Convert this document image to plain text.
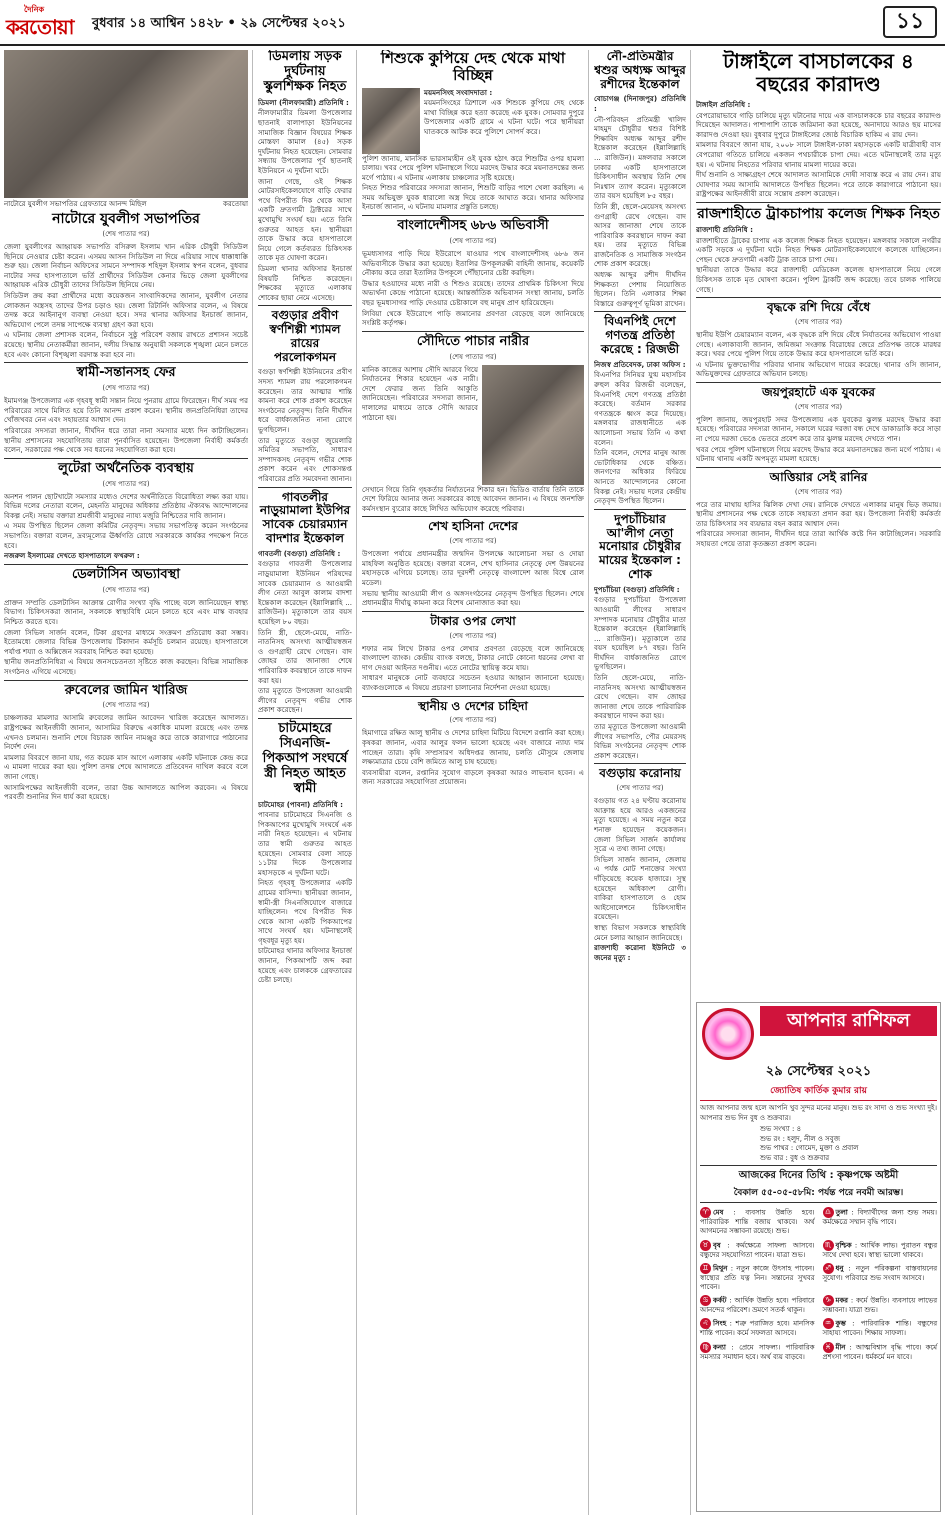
দৈনিক
করতোয়া বুধবার ১৪ আশ্বিন ১৪২৮ • ২৯ সেপ্টেম্বর ২০২১	১১
নাটোরে যুবলীগ সভাপতির গ্রেফতারে আনন্দ মিছিল	করতোয়া
নাটোরে যুবলীগ সভাপতির
(শেষ পাতার পর)

জেলা যুবলীগের আহ্বায়ক সভাপতি বসিরুল ইসলাম খান এরিক চৌধুরী সিডিউল ছিনিয়ে নেওয়ার চেষ্টা করেন। এসময় আসন সিডিউল না দিয়ে এরিয়ার সাথে ধাক্কাধাক্কি শুরু হয়। জেলা নির্বাচন অফিসের সামনে সম্পাদক শহিদুল ইসলাম স্বপন বলেন, বুধবার নাটোর সদর হাসপাতালে ভর্তি প্রার্থীদের সিডিউল কেনার ভিড়ে জেলা যুবলীগের আহ্বায়ক এরিক চৌধুরী তাদের সিডিউল ছিনিয়ে নেয়।

সিডিউল ক্রয় করা প্রার্থীদের মধ্যে কয়েকজন সাংবাদিকদের জানান, যুবলীগ নেতার লোকজন অস্ত্রসহ তাদের উপর চড়াও হয়। জেলা রিটার্নিং অফিসার বলেন, এ বিষয়ে তদন্ত করে আইনানুগ ব্যবস্থা নেওয়া হবে। সদর থানার অফিসার ইনচার্জ জানান, অভিযোগ পেলে তদন্ত সাপেক্ষে ব্যবস্থা গ্রহণ করা হবে।

এ ঘটনায় জেলা প্রশাসক বলেন, নির্বাচনে সুষ্ঠু পরিবেশ বজায় রাখতে প্রশাসন সচেষ্ট রয়েছে। স্থানীয় নেতাকর্মীরা জানান, দলীয় সিদ্ধান্ত অনুযায়ী সকলকে শৃঙ্খলা মেনে চলতে হবে এবং কোনো বিশৃঙ্খলা বরদাস্ত করা হবে না।

স্বামী-সন্তানসহ ফের
(শেষ পাতার পর)

ইমামগঞ্জ উপজেলার এক গৃহবধূ স্বামী সন্তান নিয়ে পুনরায় গ্রামে ফিরেছেন। দীর্ঘ সময় পর পরিবারের সাথে মিলিত হয়ে তিনি আনন্দ প্রকাশ করেন। স্থানীয় জনপ্রতিনিধিরা তাদের খোঁজখবর নেন এবং সহায়তার আশ্বাস দেন।

পরিবারের সদস্যরা জানান, দীর্ঘদিন ধরে তারা নানা সমস্যার মধ্যে দিন কাটাচ্ছিলেন। স্থানীয় প্রশাসনের সহযোগিতায় তারা পুনর্বাসিত হয়েছেন। উপজেলা নির্বাহী কর্মকর্তা বলেন, সরকারের পক্ষ থেকে সব ধরনের সহযোগিতা করা হবে।

লুটেরা অর্থনৈতিক ব্যবস্থায়
(শেষ পাতার পর)

অনশন পালন ছোটখাটো সমস্যার মধ্যেও দেশের অর্থনীতিতে বিরোধিতা লক্ষ্য করা যায়। বিভিন্ন দলের নেতারা বলেন, মেহনতি মানুষের অধিকার প্রতিষ্ঠায় ঐক্যবদ্ধ আন্দোলনের বিকল্প নেই। সভায় বক্তারা শ্রমজীবী মানুষের ন্যায্য মজুরি নিশ্চিতের দাবি জানান।

এ সময় উপস্থিত ছিলেন জেলা কমিটির নেতৃবৃন্দ। সভায় সভাপতিত্ব করেন সংগঠনের সভাপতি। বক্তারা বলেন, দ্রব্যমূল্যের ঊর্ধ্বগতি রোধে সরকারকে কার্যকর পদক্ষেপ নিতে হবে।

নজরুল ইসলামের দেখতে হাসপাতালে ফখরুল :

ডেলটাসিন অভ্যাবস্থা
(শেষ পাতার পর)

প্রাক্তন সম্প্রতি ডেলটাসিন আক্রান্ত রোগীর সংখ্যা বৃদ্ধি পাচ্ছে বলে জানিয়েছেন স্বাস্থ্য বিভাগ। চিকিৎসকরা জানান, সকলকে স্বাস্থ্যবিধি মেনে চলতে হবে এবং মাস্ক ব্যবহার নিশ্চিত করতে হবে।

জেলা সিভিল সার্জন বলেন, টিকা গ্রহণের মাধ্যমে সংক্রমণ প্রতিরোধ করা সম্ভব। ইতোমধ্যে জেলার বিভিন্ন উপজেলায় টিকাদান কর্মসূচি চলমান রয়েছে। হাসপাতালে পর্যাপ্ত শয্যা ও অক্সিজেন সরবরাহ নিশ্চিত করা হয়েছে।

স্থানীয় জনপ্রতিনিধিরা এ বিষয়ে জনসচেতনতা সৃষ্টিতে কাজ করছেন। বিভিন্ন সামাজিক সংগঠনও এগিয়ে এসেছে।

রুবেলের জামিন খারিজ
(শেষ পাতার পর)

চাঞ্চল্যকর মামলার আসামি রুবেলের জামিন আবেদন খারিজ করেছেন আদালত। রাষ্ট্রপক্ষের আইনজীবী জানান, আসামির বিরুদ্ধে একাধিক মামলা রয়েছে এবং তদন্ত এখনও চলমান। শুনানি শেষে বিচারক জামিন নামঞ্জুর করে তাকে কারাগারে পাঠানোর নির্দেশ দেন।

মামলার বিবরণে জানা যায়, গত কয়েক মাস আগে এলাকায় একটি ঘটনাকে কেন্দ্র করে এ মামলা দায়ের করা হয়। পুলিশ তদন্ত শেষে আদালতে প্রতিবেদন দাখিল করবে বলে জানা গেছে।

আসামিপক্ষের আইনজীবী বলেন, তারা উচ্চ আদালতে আপিল করবেন। এ বিষয়ে পরবর্তী শুনানির দিন ধার্য করা হয়েছে।

ডিমলায় সড়ক দুর্ঘটনায় স্কুলশিক্ষক নিহত

ডিমলা (নীলফামারী) প্রতিনিধি :

নীলফামারীর ডিমলা উপজেলার ছাতনাই বালাপাড়া ইউনিয়নের সামাজিক বিজ্ঞান বিষয়ের শিক্ষক মোস্তফা কামাল (৪৫) সড়ক দুর্ঘটনায় নিহত হয়েছেন। সোমবার সন্ধ্যায় উপজেলার পূর্ব ছাতনাই ইউনিয়নে এ দুর্ঘটনা ঘটে।

জানা গেছে, ওই শিক্ষক মোটরসাইকেলযোগে বাড়ি ফেরার পথে বিপরীত দিক থেকে আসা একটি দ্রুতগামী ট্রাক্টরের সাথে মুখোমুখি সংঘর্ষ হয়। এতে তিনি গুরুতর আহত হন। স্থানীয়রা তাকে উদ্ধার করে হাসপাতালে নিয়ে গেলে কর্তব্যরত চিকিৎসক তাকে মৃত ঘোষণা করেন।

ডিমলা থানার অফিসার ইনচার্জ বিষয়টি নিশ্চিত করেছেন। শিক্ষকের মৃত্যুতে এলাকায় শোকের ছায়া নেমে এসেছে।

বগুড়ার প্রবীণ স্বর্ণশিল্পী শ্যামল রায়ের পরলোকগমন

বগুড়া স্বর্ণশিল্পী ইউনিয়নের প্রবীণ সদস্য শ্যামল রায় পরলোকগমন করেছেন। তার আত্মার শান্তি কামনা করে শোক প্রকাশ করেছেন সংগঠনের নেতৃবৃন্দ। তিনি দীর্ঘদিন ধরে বার্ধক্যজনিত নানা রোগে ভুগছিলেন।

তার মৃত্যুতে বগুড়া জুয়েলারি সমিতির সভাপতি, সাধারণ সম্পাদকসহ নেতৃবৃন্দ গভীর শোক প্রকাশ করেন এবং শোকসন্তপ্ত পরিবারের প্রতি সমবেদনা জানান।

গাবতলীর নাড়ুয়ামালা ইউপির সাবেক চেয়ারম্যান বাদশার ইন্তেকাল

গাবতলী (বগুড়া) প্রতিনিধি :

বগুড়ার গাবতলী উপজেলার নাড়ুয়ামালা ইউনিয়ন পরিষদের সাবেক চেয়ারম্যান ও আওয়ামী লীগ নেতা আবুল কালাম বাদশা ইন্তেকাল করেছেন (ইন্নালিল্লাহি ... রাজিউন)। মৃত্যুকালে তার বয়স হয়েছিল ৮০ বছর।

তিনি স্ত্রী, ছেলে-মেয়ে, নাতি-নাতনিসহ অসংখ্য আত্মীয়স্বজন ও গুণগ্রাহী রেখে গেছেন। বাদ জোহর তার জানাজা শেষে পারিবারিক কবরস্থানে তাকে দাফন করা হয়।

তার মৃত্যুতে উপজেলা আওয়ামী লীগের নেতৃবৃন্দ গভীর শোক প্রকাশ করেছেন।

চাটমোহরে সিএনজি-পিকআপ সংঘর্ষে স্ত্রী নিহত আহত স্বামী

চাটমোহর (পাবনা) প্রতিনিধি :

পাবনার চাটমোহরে সিএনজি ও পিকআপের মুখোমুখি সংঘর্ষে এক নারী নিহত হয়েছেন। এ ঘটনায় তার স্বামী গুরুতর আহত হয়েছেন। সোমবার বেলা সাড়ে ১১টার দিকে উপজেলার মহাসড়কে এ দুর্ঘটনা ঘটে।

নিহত গৃহবধূ উপজেলার একটি গ্রামের বাসিন্দা। স্থানীয়রা জানান, স্বামী-স্ত্রী সিএনজিযোগে বাজারে যাচ্ছিলেন। পথে বিপরীত দিক থেকে আসা একটি পিকআপের সাথে সংঘর্ষ হয়। ঘটনাস্থলেই গৃহবধূর মৃত্যু হয়।

চাটমোহর থানার অফিসার ইনচার্জ জানান, পিকআপটি জব্দ করা হয়েছে এবং চালককে গ্রেফতারের চেষ্টা চলছে।

শিশুকে কুপিয়ে দেহ থেকে মাথা বিচ্ছিন্ন

ময়মনসিংহ সংবাদদাতা :

ময়মনসিংহের ত্রিশালে এক শিশুকে কুপিয়ে দেহ থেকে মাথা বিচ্ছিন্ন করে হত্যা করেছে এক যুবক। সোমবার দুপুরে উপজেলার একটি গ্রামে এ ঘটনা ঘটে। পরে স্থানীয়রা ঘাতককে আটক করে পুলিশে সোপর্দ করে।

পুলিশ জানায়, মানসিক ভারসাম্যহীন ওই যুবক হঠাৎ করে শিশুটির ওপর হামলা চালায়। খবর পেয়ে পুলিশ ঘটনাস্থলে গিয়ে মরদেহ উদ্ধার করে ময়নাতদন্তের জন্য মর্গে পাঠায়। এ ঘটনায় এলাকায় চাঞ্চল্যের সৃষ্টি হয়েছে।

নিহত শিশুর পরিবারের সদস্যরা জানান, শিশুটি বাড়ির পাশে খেলা করছিল। এ সময় অভিযুক্ত যুবক ধারালো অস্ত্র দিয়ে তাকে আঘাত করে। থানার অফিসার ইনচার্জ জানান, এ ঘটনায় মামলার প্রস্তুতি চলছে।

বাংলাদেশীসহ ৬৮৬ অভিবাসী
(শেষ পাতার পর)

ভূমধ্যসাগর পাড়ি দিয়ে ইউরোপে যাওয়ার পথে বাংলাদেশীসহ ৬৮৬ জন অভিবাসীকে উদ্ধার করা হয়েছে। ইতালির উপকূলরক্ষী বাহিনী জানায়, কয়েকটি নৌকায় করে তারা ইতালির উপকূলে পৌঁছানোর চেষ্টা করছিল।

উদ্ধার হওয়াদের মধ্যে নারী ও শিশুও রয়েছে। তাদের প্রাথমিক চিকিৎসা দিয়ে অভ্যর্থনা কেন্দ্রে পাঠানো হয়েছে। আন্তর্জাতিক অভিবাসন সংস্থা জানায়, চলতি বছর ভূমধ্যসাগর পাড়ি দেওয়ার চেষ্টাকালে বহু মানুষ প্রাণ হারিয়েছেন।

লিবিয়া থেকে ইউরোপে পাড়ি জমানোর প্রবণতা বেড়েছে বলে জানিয়েছে সংশ্লিষ্ট কর্তৃপক্ষ।

সৌদিতে পাচার নারীর
(শেষ পাতার পর)

মানিক কাজের আশায় সৌদি আরবে গিয়ে নির্যাতনের শিকার হয়েছেন এক নারী। দেশে ফেরার জন্য তিনি আকুতি জানিয়েছেন। পরিবারের সদস্যরা জানান, দালালের মাধ্যমে তাকে সৌদি আরবে পাঠানো হয়।

সেখানে গিয়ে তিনি গৃহকর্তার নির্যাতনের শিকার হন। ভিডিও বার্তায় তিনি তাকে দেশে ফিরিয়ে আনার জন্য সরকারের কাছে আবেদন জানান। এ বিষয়ে জনশক্তি কর্মসংস্থান ব্যুরোর কাছে লিখিত অভিযোগ করেছে পরিবার।

শেখ হাসিনা দেশের
(শেষ পাতার পর)

উপজেলা পর্যায়ে প্রধানমন্ত্রীর জন্মদিন উপলক্ষে আলোচনা সভা ও দোয়া মাহফিল অনুষ্ঠিত হয়েছে। বক্তারা বলেন, শেখ হাসিনার নেতৃত্বে দেশ উন্নয়নের মহাসড়কে এগিয়ে চলেছে। তার দূরদর্শী নেতৃত্বে বাংলাদেশ আজ বিশ্বে রোল মডেল।

সভায় স্থানীয় আওয়ামী লীগ ও অঙ্গসংগঠনের নেতৃবৃন্দ উপস্থিত ছিলেন। শেষে প্রধানমন্ত্রীর দীর্ঘায়ু কামনা করে বিশেষ মোনাজাত করা হয়।

টাকার ওপর লেখা
(শেষ পাতার পর)

শফার নাম লিখে টাকার ওপর লেখার প্রবণতা বেড়েছে বলে জানিয়েছে বাংলাদেশ ব্যাংক। কেন্দ্রীয় ব্যাংক বলছে, টাকার নোটে কোনো ধরনের লেখা বা দাগ দেওয়া আইনত দণ্ডনীয়। এতে নোটের স্থায়িত্ব কমে যায়।

সাধারণ মানুষকে নোট ব্যবহারে সচেতন হওয়ার আহ্বান জানানো হয়েছে। ব্যাংকগুলোকে এ বিষয়ে প্রচারণা চালানোর নির্দেশনা দেওয়া হয়েছে।

স্থানীয় ও দেশের চাহিদা
(শেষ পাতার পর)

হিমাগারে রক্ষিত আলু স্থানীয় ও দেশের চাহিদা মিটিয়ে বিদেশে রপ্তানি করা হচ্ছে। কৃষকরা জানান, এবার আলুর ফলন ভালো হয়েছে এবং বাজারে ন্যায্য দাম পাচ্ছেন তারা। কৃষি সম্প্রসারণ অধিদপ্তর জানায়, চলতি মৌসুমে জেলায় লক্ষ্যমাত্রার চেয়ে বেশি জমিতে আলু চাষ হয়েছে।

ব্যবসায়ীরা বলেন, রপ্তানির সুযোগ বাড়লে কৃষকরা আরও লাভবান হবেন। এ জন্য সরকারের সহযোগিতা প্রয়োজন।

নৌ-প্রতিমন্ত্রীর শ্বশুর অধ্যক্ষ আব্দুর রশীদের ইন্তেকাল

বোচাগঞ্জ (দিনাজপুর) প্রতিনিধি :

নৌ-পরিবহন প্রতিমন্ত্রী খালিদ মাহমুদ চৌধুরীর শ্বশুর বিশিষ্ট শিক্ষাবিদ অধ্যক্ষ আব্দুর রশীদ ইন্তেকাল করেছেন (ইন্নালিল্লাহি ... রাজিউন)। মঙ্গলবার সকালে ঢাকার একটি হাসপাতালে চিকিৎসাধীন অবস্থায় তিনি শেষ নিঃশ্বাস ত্যাগ করেন। মৃত্যুকালে তার বয়স হয়েছিল ৮৫ বছর।

তিনি স্ত্রী, ছেলে-মেয়েসহ অসংখ্য গুণগ্রাহী রেখে গেছেন। বাদ আসর জানাজা শেষে তাকে পারিবারিক কবরস্থানে দাফন করা হয়। তার মৃত্যুতে বিভিন্ন রাজনৈতিক ও সামাজিক সংগঠন শোক প্রকাশ করেছে।

অধ্যক্ষ আব্দুর রশীদ দীর্ঘদিন শিক্ষকতা পেশায় নিয়োজিত ছিলেন। তিনি এলাকার শিক্ষা বিস্তারে গুরুত্বপূর্ণ ভূমিকা রাখেন।

বিএনপিই দেশে গণতন্ত্র প্রতিষ্ঠা করেছে : রিজভী

নিজস্ব প্রতিবেদক, ঢাকা অফিস :

বিএনপির সিনিয়র যুগ্ম মহাসচিব রুহুল কবির রিজভী বলেছেন, বিএনপিই দেশে গণতন্ত্র প্রতিষ্ঠা করেছে। বর্তমান সরকার গণতন্ত্রকে ধ্বংস করে দিয়েছে। মঙ্গলবার রাজধানীতে এক আলোচনা সভায় তিনি এ কথা বলেন।

তিনি বলেন, দেশের মানুষ আজ ভোটাধিকার থেকে বঞ্চিত। জনগণের অধিকার ফিরিয়ে আনতে আন্দোলনের কোনো বিকল্প নেই। সভায় দলের কেন্দ্রীয় নেতৃবৃন্দ উপস্থিত ছিলেন।

দুপচাঁচিয়ার আ'লীগ নেতা মনোয়ার চৌধুরীর মায়ের ইন্তেকাল : শোক

দুপচাঁচিয়া (বগুড়া) প্রতিনিধি :

বগুড়ার দুপচাঁচিয়া উপজেলা আওয়ামী লীগের সাধারণ সম্পাদক মনোয়ার চৌধুরীর মাতা ইন্তেকাল করেছেন (ইন্নালিল্লাহি ... রাজিউন)। মৃত্যুকালে তার বয়স হয়েছিল ৮৭ বছর। তিনি দীর্ঘদিন বার্ধক্যজনিত রোগে ভুগছিলেন।

তিনি ছেলে-মেয়ে, নাতি-নাতনিসহ অসংখ্য আত্মীয়স্বজন রেখে গেছেন। বাদ জোহর জানাজা শেষে তাকে পারিবারিক কবরস্থানে দাফন করা হয়।

তার মৃত্যুতে উপজেলা আওয়ামী লীগের সভাপতি, পৌর মেয়রসহ বিভিন্ন সংগঠনের নেতৃবৃন্দ শোক প্রকাশ করেছেন।

বগুড়ায় করোনায়
(শেষ পাতার পর)

বগুড়ায় গত ২৪ ঘণ্টায় করোনায় আক্রান্ত হয়ে আরও একজনের মৃত্যু হয়েছে। এ সময় নতুন করে শনাক্ত হয়েছেন কয়েকজন। জেলা সিভিল সার্জন কার্যালয় সূত্রে এ তথ্য জানা গেছে।

সিভিল সার্জন জানান, জেলায় এ পর্যন্ত মোট শনাক্তের সংখ্যা দাঁড়িয়েছে কয়েক হাজারে। সুস্থ হয়েছেন অধিকাংশ রোগী। বাকিরা হাসপাতালে ও হোম আইসোলেশনে চিকিৎসাধীন রয়েছেন।

স্বাস্থ্য বিভাগ সকলকে স্বাস্থ্যবিধি মেনে চলার আহ্বান জানিয়েছে।

রাজশাহী করোনা ইউনিটে ৩ জনের মৃত্যু :

টাঙ্গাইলে বাসচালকের ৪ বছরের কারাদণ্ড

টাঙ্গাইল প্রতিনিধি :

বেপরোয়াভাবে গাড়ি চালিয়ে মৃত্যু ঘটানোর দায়ে এক বাসচালককে চার বছরের কারাদণ্ড দিয়েছেন আদালত। পাশাপাশি তাকে জরিমানা করা হয়েছে, অনাদায়ে আরও ছয় মাসের কারাদণ্ড দেওয়া হয়। বুধবার দুপুরে টাঙ্গাইলের জ্যেষ্ঠ বিচারিক হাকিম এ রায় দেন।

মামলার বিবরণে জানা যায়, ২০০৮ সালে টাঙ্গাইল-ঢাকা মহাসড়কে একটি যাত্রীবাহী বাস বেপরোয়া গতিতে চালিয়ে একজন পথচারীকে চাপা দেয়। এতে ঘটনাস্থলেই তার মৃত্যু হয়। এ ঘটনায় নিহতের পরিবার থানায় মামলা দায়ের করে।

দীর্ঘ শুনানি ও সাক্ষ্যগ্রহণ শেষে আদালত আসামিকে দোষী সাব্যস্ত করে এ রায় দেন। রায় ঘোষণার সময় আসামি আদালতে উপস্থিত ছিলেন। পরে তাকে কারাগারে পাঠানো হয়। রাষ্ট্রপক্ষের আইনজীবী রায়ে সন্তোষ প্রকাশ করেছেন।

রাজশাহীতে ট্রাকচাপায় কলেজ শিক্ষক নিহত

রাজশাহী প্রতিনিধি :

রাজশাহীতে ট্রাকের চাপায় এক কলেজ শিক্ষক নিহত হয়েছেন। মঙ্গলবার সকালে নগরীর একটি সড়কে এ দুর্ঘটনা ঘটে। নিহত শিক্ষক মোটরসাইকেলযোগে কলেজে যাচ্ছিলেন। পেছন থেকে দ্রুতগামী একটি ট্রাক তাকে চাপা দেয়।

স্থানীয়রা তাকে উদ্ধার করে রাজশাহী মেডিকেল কলেজ হাসপাতালে নিয়ে গেলে চিকিৎসক তাকে মৃত ঘোষণা করেন। পুলিশ ট্রাকটি জব্দ করেছে। তবে চালক পালিয়ে গেছে।

বৃদ্ধকে রশি দিয়ে বেঁধে
(শেষ পাতার পর)

স্থানীয় ইউপি চেয়ারম্যান বলেন, এক বৃদ্ধকে রশি দিয়ে বেঁধে নির্যাতনের অভিযোগ পাওয়া গেছে। এলাকাবাসী জানান, জমিজমা সংক্রান্ত বিরোধের জেরে প্রতিপক্ষ তাকে মারধর করে। খবর পেয়ে পুলিশ গিয়ে তাকে উদ্ধার করে হাসপাতালে ভর্তি করে।

এ ঘটনায় ভুক্তভোগীর পরিবার থানায় অভিযোগ দায়ের করেছে। থানার ওসি জানান, অভিযুক্তদের গ্রেফতারে অভিযান চলছে।

জয়পুরহাটে এক যুবকের
(শেষ পাতার পর)

পুলিশ জানায়, জয়পুরহাট সদর উপজেলায় এক যুবকের ঝুলন্ত মরদেহ উদ্ধার করা হয়েছে। পরিবারের সদস্যরা জানান, সকালে ঘরের দরজা বন্ধ দেখে ডাকাডাকি করে সাড়া না পেয়ে দরজা ভেঙে ভেতরে প্রবেশ করে তার ঝুলন্ত মরদেহ দেখতে পান।

খবর পেয়ে পুলিশ ঘটনাস্থলে গিয়ে মরদেহ উদ্ধার করে ময়নাতদন্তের জন্য মর্গে পাঠায়। এ ঘটনায় থানায় একটি অপমৃত্যু মামলা হয়েছে।

আত্তিয়ার সেই রানির
(শেষ পাতার পর)

পরে তার মাথায় হাসির ঝিলিক দেখা দেয়। রানিকে দেখতে এলাকার মানুষ ভিড় জমায়। স্থানীয় প্রশাসনের পক্ষ থেকে তাকে সহায়তা প্রদান করা হয়। উপজেলা নির্বাহী কর্মকর্তা তার চিকিৎসার সব ব্যয়ভার বহন করার আশ্বাস দেন।

পরিবারের সদস্যরা জানান, দীর্ঘদিন ধরে তারা আর্থিক কষ্টে দিন কাটাচ্ছিলেন। সরকারি সহায়তা পেয়ে তারা কৃতজ্ঞতা প্রকাশ করেন।

আপনার রাশিফল
২৯ সেপ্টেম্বর ২০২১
জ্যোতিষ কার্তিক কুমার রায়
আজ আপনার জন্ম হলে আপনি খুব সুন্দর মনের মানুষ। শুভ রং সাদা ও শুভ সংখ্যা দুই। আপনার শুভ দিন বুধ ও শুক্রবার।
শুভ সংখ্যা : ৪
শুভ রং : হলুদ, নীল ও সবুজ
শুভ পাথর : গোমেদ, মুক্তা ও প্রবাল
শুভ বার : বুধ ও শুক্রবার
আজকের দিনের তিথি : কৃষ্ণপক্ষে অষ্টমী
বৈকাল ৫৫-০৫-৫৮মি: পর্যন্ত পরে নবমী আরম্ভ।
♈ মেষ : ব্যবসায় উন্নতি হবে। পারিবারিক শান্তি বজায় থাকবে। অর্থ আগমনের সম্ভাবনা রয়েছে। শুভ।
♎ তুলা : বিদ্যার্থীদের জন্য শুভ সময়। কর্মক্ষেত্রে সম্মান বৃদ্ধি পাবে।
♉ বৃষ : কর্মক্ষেত্রে সাফল্য আসবে। বন্ধুদের সহযোগিতা পাবেন। যাত্রা শুভ।
♏ বৃশ্চিক : আর্থিক লাভ। পুরাতন বন্ধুর সাথে দেখা হবে। স্বাস্থ্য ভালো থাকবে।
♊ মিথুন : নতুন কাজে উৎসাহ পাবেন। স্বাস্থ্যের প্রতি যত্ন নিন। সন্তানের সুখবর পাবেন।
♐ ধনু : নতুন পরিকল্পনা বাস্তবায়নের সুযোগ। পরিবারে শুভ সংবাদ আসবে।
♋ কর্কট : আর্থিক উন্নতি হবে। পরিবারে আনন্দের পরিবেশ। ভ্রমণে সতর্ক থাকুন।
♑ মকর : কর্মে উন্নতি। ব্যবসায়ে লাভের সম্ভাবনা। যাত্রা শুভ।
♌ সিংহ : শত্রু পরাজিত হবে। মানসিক শান্তি পাবেন। কর্মে সফলতা আসবে।
♒ কুম্ভ : পারিবারিক শান্তি। বন্ধুদের সাহায্য পাবেন। শিক্ষায় সাফল্য।
♍ কন্যা : প্রেমে সাফল্য। পারিবারিক সমস্যার সমাধান হবে। অর্থ ব্যয় বাড়বে।
♓ মীন : আত্মবিশ্বাস বৃদ্ধি পাবে। কর্মে প্রশংসা পাবেন। ধর্মকর্মে মন যাবে।
